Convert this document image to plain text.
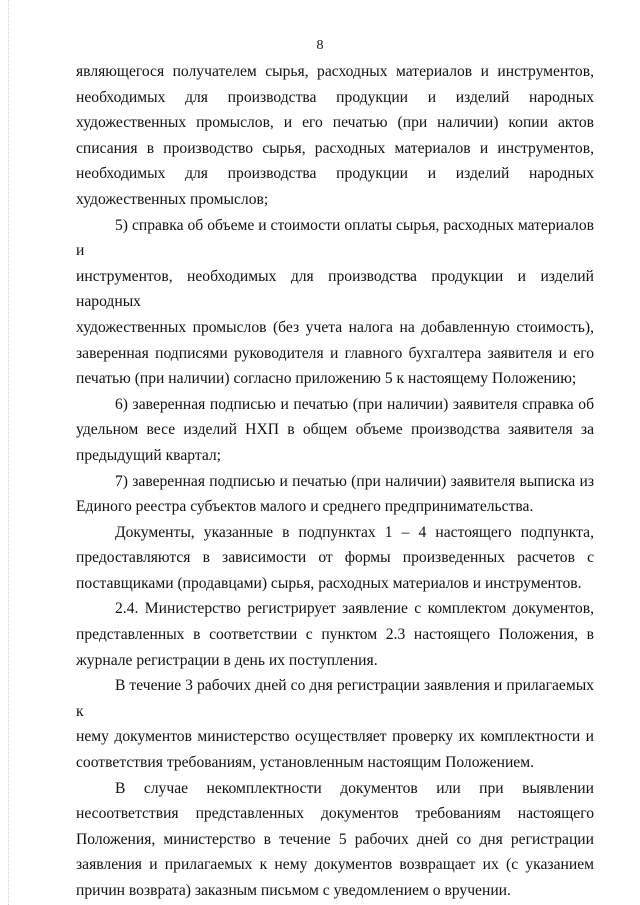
8
являющегося получателем сырья, расходных материалов и инструментов,
необходимых для производства продукции и изделий народных
художественных промыслов, и его печатью (при наличии) копии актов
списания в производство сырья, расходных материалов и инструментов,
необходимых для производства продукции и изделий народных
художественных промыслов;
5) справка об объеме и стоимости оплаты сырья, расходных материалов и
инструментов, необходимых для производства продукции и изделий народных
художественных промыслов (без учета налога на добавленную стоимость),
заверенная подписями руководителя и главного бухгалтера заявителя и его
печатью (при наличии) согласно приложению 5 к настоящему Положению;
6) заверенная подписью и печатью (при наличии) заявителя справка об
удельном весе изделий НХП в общем объеме производства заявителя за
предыдущий квартал;
7) заверенная подписью и печатью (при наличии) заявителя выписка из
Единого реестра субъектов малого и среднего предпринимательства.
Документы, указанные в подпунктах 1 – 4 настоящего подпункта,
предоставляются в зависимости от формы произведенных расчетов с
поставщиками (продавцами) сырья, расходных материалов и инструментов.
2.4. Министерство регистрирует заявление с комплектом документов,
представленных в соответствии с пунктом 2.3 настоящего Положения, в
журнале регистрации в день их поступления.
В течение 3 рабочих дней со дня регистрации заявления и прилагаемых к
нему документов министерство осуществляет проверку их комплектности и
соответствия требованиям, установленным настоящим Положением.
В случае некомплектности документов или при выявлении
несоответствия представленных документов требованиям настоящего
Положения, министерство в течение 5 рабочих дней со дня регистрации
заявления и прилагаемых к нему документов возвращает их (с указанием
причин возврата) заказным письмом с уведомлением о вручении.
